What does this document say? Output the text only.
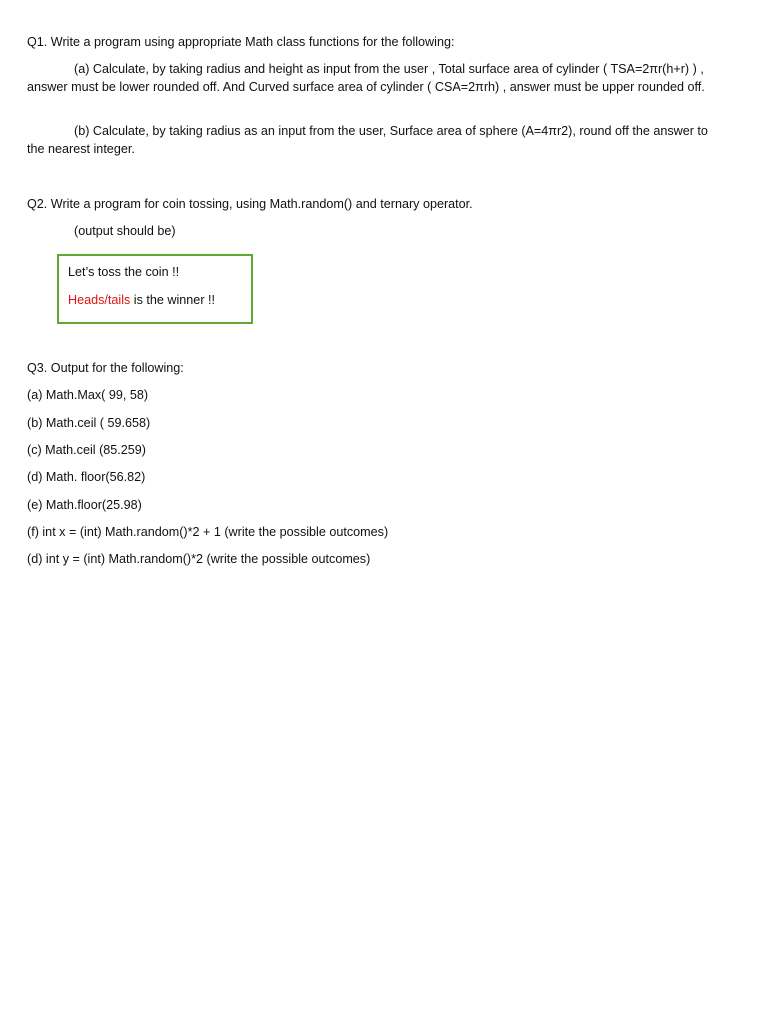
Q1. Write a program using appropriate Math class functions for the following:
(a) Calculate, by taking radius and height as input from the user , Total surface area of cylinder ( TSA=2πr(h+r) ) , answer must be lower rounded off. And Curved surface area of cylinder ( CSA=2πrh) , answer must be upper rounded off.
(b) Calculate, by taking radius as an input from the user, Surface area of sphere (A=4πr2), round off the answer to the nearest integer.
Q2. Write a program for coin tossing, using Math.random() and ternary operator.
(output should be)
Let’s toss the coin !!
Heads/tails is the winner !!
Q3. Output for the following:
(a) Math.Max( 99, 58)
(b) Math.ceil ( 59.658)
(c) Math.ceil (85.259)
(d) Math. floor(56.82)
(e) Math.floor(25.98)
(f) int x = (int) Math.random()*2 + 1 (write the possible outcomes)
(d) int y = (int) Math.random()*2 (write the possible outcomes)
